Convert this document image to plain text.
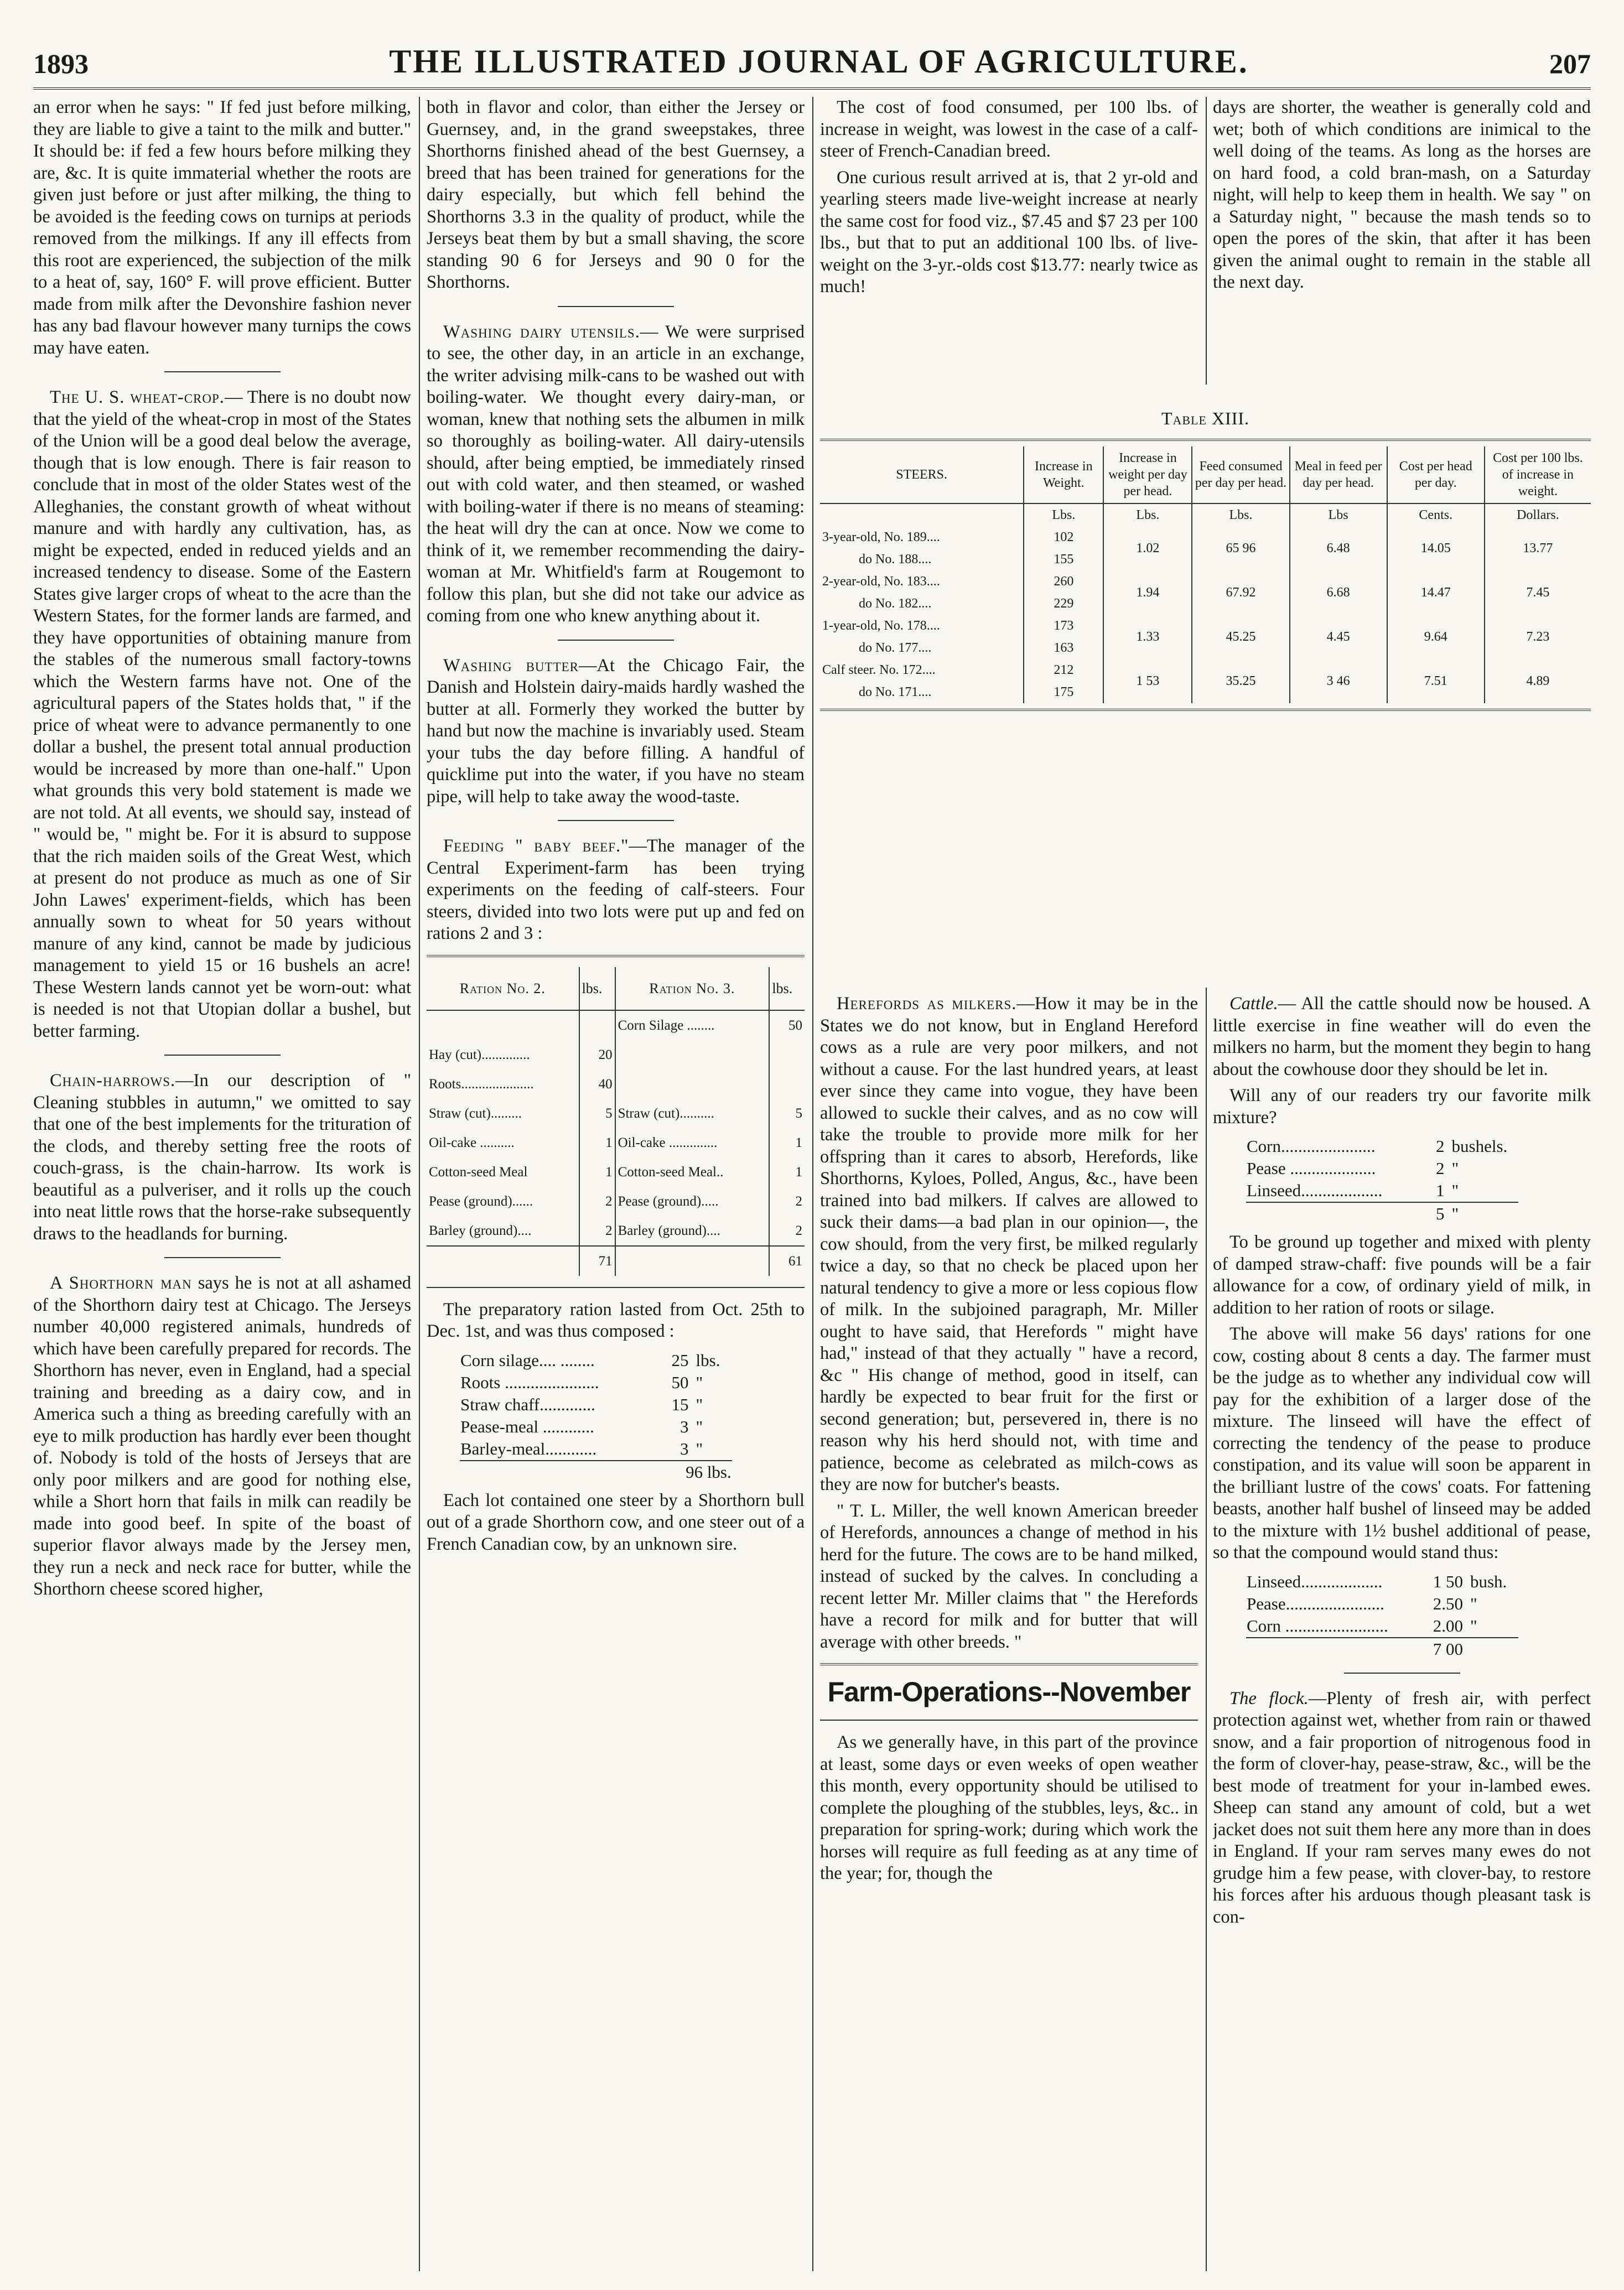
1893	THE ILLUSTRATED JOURNAL OF AGRICULTURE.	207

an error when he says: " If fed just before milking, they are liable to give a taint to the milk and butter." It should be: if fed a few hours before milking they are, &c. It is quite immaterial whether the roots are given just before or just after milking, the thing to be avoided is the feeding cows on turnips at periods removed from the milkings. If any ill effects from this root are experienced, the subjection of the milk to a heat of, say, 160° F. will prove efficient. Butter made from milk after the Devonshire fashion never has any bad flavour however many turnips the cows may have eaten.

The U. S. wheat-crop.— There is no doubt now that the yield of the wheat-crop in most of the States of the Union will be a good deal below the average, though that is low enough. There is fair reason to conclude that in most of the older States west of the Alleghanies, the constant growth of wheat without manure and with hardly any cultivation, has, as might be expected, ended in reduced yields and an increased tendency to disease. Some of the Eastern States give larger crops of wheat to the acre than the Western States, for the former lands are farmed, and they have opportunities of obtaining manure from the stables of the numerous small factory-towns which the Western farms have not. One of the agricultural papers of the States holds that, " if the price of wheat were to advance permanently to one dollar a bushel, the present total annual production would be increased by more than one-half." Upon what grounds this very bold statement is made we are not told. At all events, we should say, instead of " would be, " might be. For it is absurd to suppose that the rich maiden soils of the Great West, which at present do not produce as much as one of Sir John Lawes' experiment-fields, which has been annually sown to wheat for 50 years without manure of any kind, cannot be made by judicious management to yield 15 or 16 bushels an acre! These Western lands cannot yet be worn-out: what is needed is not that Utopian dollar a bushel, but better farming.

Chain-harrows.—In our description of " Cleaning stubbles in autumn," we omitted to say that one of the best implements for the trituration of the clods, and thereby setting free the roots of couch-grass, is the chain-harrow. Its work is beautiful as a pulveriser, and it rolls up the couch into neat little rows that the horse-rake subsequently draws to the headlands for burning.

A Shorthorn man says he is not at all ashamed of the Shorthorn dairy test at Chicago. The Jerseys number 40,000 registered animals, hundreds of which have been carefully prepared for records. The Shorthorn has never, even in England, had a special training and breeding as a dairy cow, and in America such a thing as breeding carefully with an eye to milk production has hardly ever been thought of. Nobody is told of the hosts of Jerseys that are only poor milkers and are good for nothing else, while a Short horn that fails in milk can readily be made into good beef. In spite of the boast of superior flavor always made by the Jersey men, they run a neck and neck race for butter, while the Shorthorn cheese scored higher,

both in flavor and color, than either the Jersey or Guernsey, and, in the grand sweepstakes, three Shorthorns finished ahead of the best Guernsey, a breed that has been trained for generations for the dairy especially, but which fell behind the Shorthorns 3.3 in the quality of product, while the Jerseys beat them by but a small shaving, the score standing 90 6 for Jerseys and 90 0 for the Shorthorns.

Washing dairy utensils.— We were surprised to see, the other day, in an article in an exchange, the writer advising milk-cans to be washed out with boiling-water. We thought every dairy-man, or woman, knew that nothing sets the albumen in milk so thoroughly as boiling-water. All dairy-utensils should, after being emptied, be immediately rinsed out with cold water, and then steamed, or washed with boiling-water if there is no means of steaming: the heat will dry the can at once. Now we come to think of it, we remember recommending the dairy-woman at Mr. Whitfield's farm at Rougemont to follow this plan, but she did not take our advice as coming from one who knew anything about it.

Washing butter—At the Chicago Fair, the Danish and Holstein dairy-maids hardly washed the butter at all. Formerly they worked the butter by hand but now the machine is invariably used. Steam your tubs the day before filling. A handful of quicklime put into the water, if you have no steam pipe, will help to take away the wood-taste.

Feeding " baby beef."—The manager of the Central Experiment-farm has been trying experiments on the feeding of calf-steers. Four steers, divided into two lots were put up and fed on rations 2 and 3 :

Ration No. 2.	lbs.	Ration No. 3.	lbs.
		Corn Silage ........	50
Hay (cut)..............	20		
Roots.....................	40		
Straw (cut).........	5	Straw (cut)..........	5
Oil-cake ..........	1	Oil-cake ..............	1
Cotton-seed Meal	1	Cotton-seed Meal..	1
Pease (ground)......	2	Pease (ground).....	2
Barley (ground)....	2	Barley (ground)....	2
	71		61

The preparatory ration lasted from Oct. 25th to Dec. 1st, and was thus composed :

Corn silage.... ........	25	lbs.
Roots ......................	50	"
Straw chaff.............	15	"
Pease-meal ............	3	"
Barley-meal............	3	"
	96 lbs.	

Each lot contained one steer by a Shorthorn bull out of a grade Shorthorn cow, and one steer out of a French Canadian cow, by an unknown sire.

The cost of food consumed, per 100 lbs. of increase in weight, was lowest in the case of a calf-steer of French-Canadian breed.

One curious result arrived at is, that 2 yr-old and yearling steers made live-weight increase at nearly the same cost for food viz., $7.45 and $7 23 per 100 lbs., but that to put an additional 100 lbs. of live-weight on the 3-yr.-olds cost $13.77: nearly twice as much!

Table XIII.
STEERS.	Increase in Weight.	Increase in weight per day per head.	Feed consumed per day per head.	Meal in feed per day per head.	Cost per head per day.	Cost per 100 lbs. of increase in weight.
	Lbs.	Lbs.	Lbs.	Lbs	Cents.	Dollars.
3-year-old, No. 189....	102	1.02	65 96	6.48	14.05	13.77
do No. 188....	155					
2-year-old, No. 183....	260	1.94	67.92	6.68	14.47	7.45
do No. 182....	229					
1-year-old, No. 178....	173	1.33	45.25	4.45	9.64	7.23
do No. 177....	163					
Calf steer. No. 172....	212	1 53	35.25	3 46	7.51	4.89
do No. 171....	175					

Herefords as milkers.—How it may be in the States we do not know, but in England Hereford cows as a rule are very poor milkers, and not without a cause. For the last hundred years, at least ever since they came into vogue, they have been allowed to suckle their calves, and as no cow will take the trouble to provide more milk for her offspring than it cares to absorb, Herefords, like Shorthorns, Kyloes, Polled, Angus, &c., have been trained into bad milkers. If calves are allowed to suck their dams—a bad plan in our opinion—, the cow should, from the very first, be milked regularly twice a day, so that no check be placed upon her natural tendency to give a more or less copious flow of milk. In the subjoined paragraph, Mr. Miller ought to have said, that Herefords " might have had," instead of that they actually " have a record, &c " His change of method, good in itself, can hardly be expected to bear fruit for the first or second generation; but, persevered in, there is no reason why his herd should not, with time and patience, become as celebrated as milch-cows as they are now for butcher's beasts.

" T. L. Miller, the well known American breeder of Herefords, announces a change of method in his herd for the future. The cows are to be hand milked, instead of sucked by the calves. In concluding a recent letter Mr. Miller claims that " the Herefords have a record for milk and for butter that will average with other breeds. "

Farm-Operations--November

As we generally have, in this part of the province at least, some days or even weeks of open weather this month, every opportunity should be utilised to complete the ploughing of the stubbles, leys, &c.. in preparation for spring-work; during which work the horses will require as full feeding as at any time of the year; for, though the

days are shorter, the weather is generally cold and wet; both of which conditions are inimical to the well doing of the teams. As long as the horses are on hard food, a cold bran-mash, on a Saturday night, will help to keep them in health. We say " on a Saturday night, " because the mash tends so to open the pores of the skin, that after it has been given the animal ought to remain in the stable all the next day.

Cattle.— All the cattle should now be housed. A little exercise in fine weather will do even the milkers no harm, but the moment they begin to hang about the cowhouse door they should be let in.

Will any of our readers try our favorite milk mixture?

Corn......................	2	bushels.
Pease ....................	2	"
Linseed...................	1	"
	5	"

To be ground up together and mixed with plenty of damped straw-chaff: five pounds will be a fair allowance for a cow, of ordinary yield of milk, in addition to her ration of roots or silage.

The above will make 56 days' rations for one cow, costing about 8 cents a day. The farmer must be the judge as to whether any individual cow will pay for the exhibition of a larger dose of the mixture. The linseed will have the effect of correcting the tendency of the pease to produce constipation, and its value will soon be apparent in the brilliant lustre of the cows' coats. For fattening beasts, another half bushel of linseed may be added to the mixture with 1½ bushel additional of pease, so that the compound would stand thus:

Linseed...................	1 50	bush.
Pease.......................	2.50	"
Corn ........................	2.00	"
	7 00	

The flock.—Plenty of fresh air, with perfect protection against wet, whether from rain or thawed snow, and a fair proportion of nitrogenous food in the form of clover-hay, pease-straw, &c., will be the best mode of treatment for your in-lambed ewes. Sheep can stand any amount of cold, but a wet jacket does not suit them here any more than in does in England. If your ram serves many ewes do not grudge him a few pease, with clover-bay, to restore his forces after his arduous though pleasant task is con-
